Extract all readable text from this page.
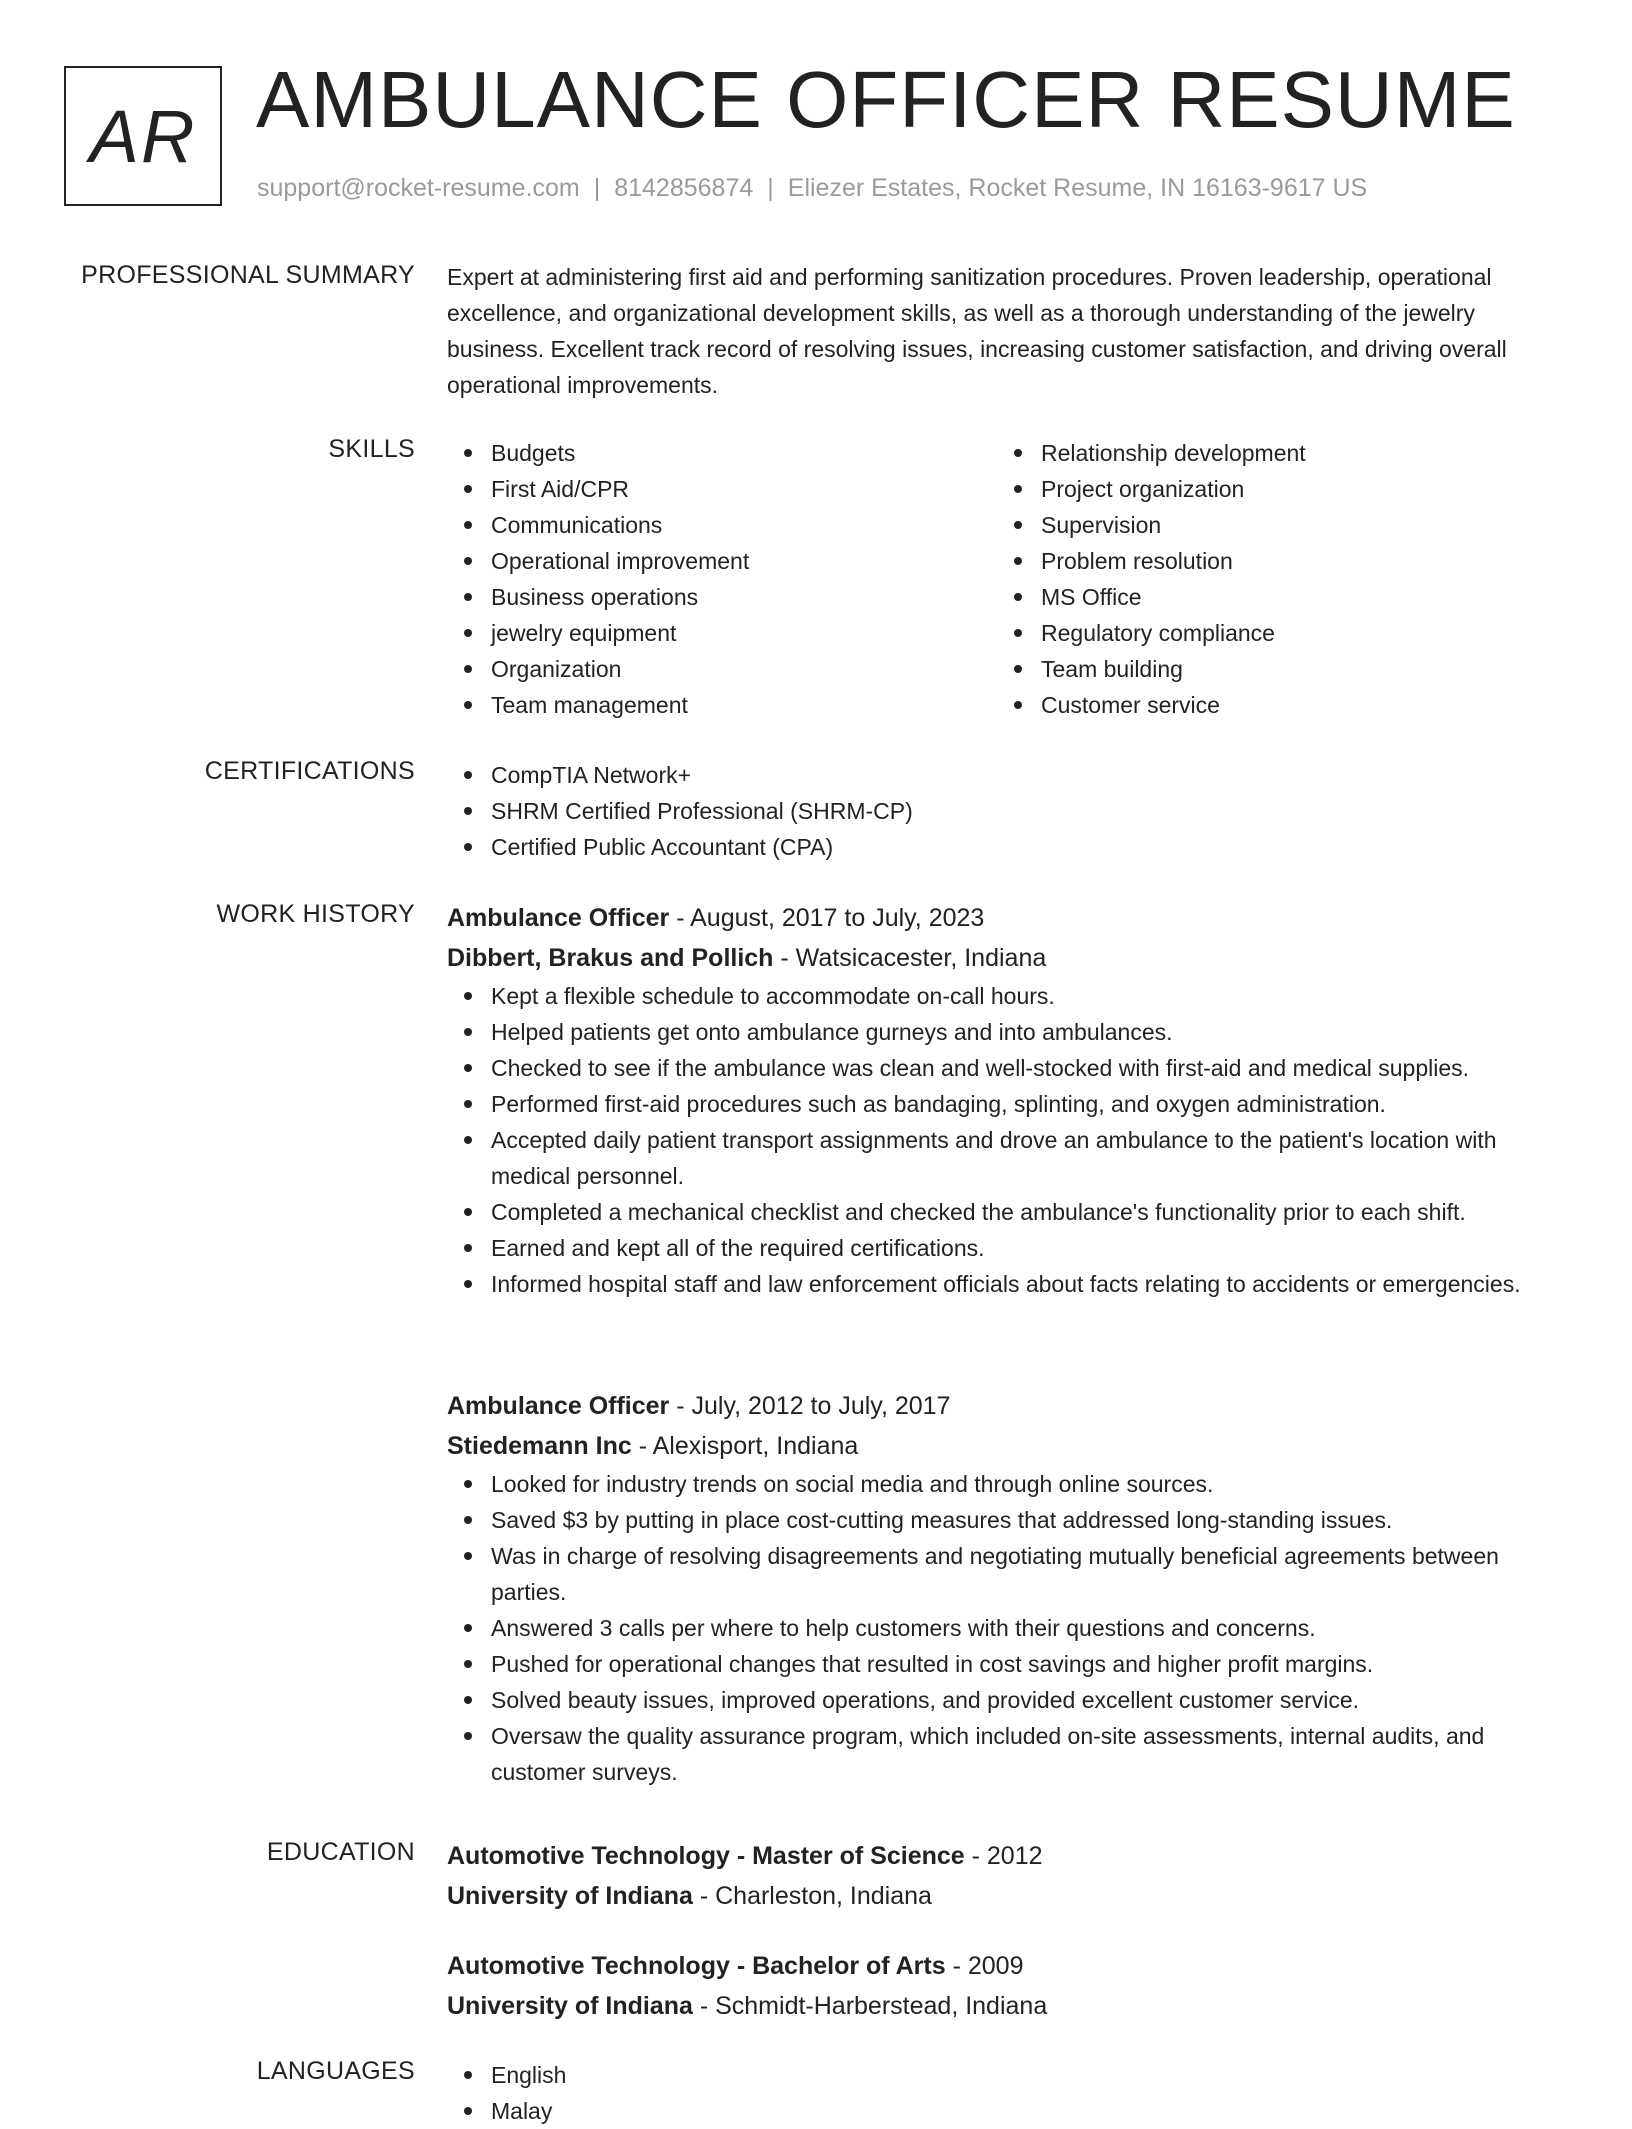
AR AMBULANCE OFFICER RESUME
support@rocket-resume.com | 8142856874 | Eliezer Estates, Rocket Resume, IN 16163-9617 US
PROFESSIONAL SUMMARY Expert at administering first aid and performing sanitization procedures. Proven leadership, operational excellence, and organizational development skills, as well as a thorough understanding of the jewelry business. Excellent track record of resolving issues, increasing customer satisfaction, and driving overall operational improvements.

SKILLS	Budgets
First Aid/CPR
Communications
Operational improvement
Business operations
jewelry equipment
Organization
Team management
Relationship development
Project organization
Supervision
Problem resolution
MS Office
Regulatory compliance
Team building
Customer service
CERTIFICATIONS	CompTIA Network+
SHRM Certified Professional (SHRM-CP)
Certified Public Accountant (CPA)
WORK HISTORY Ambulance Officer - August, 2017 to July, 2023
Dibbert, Brakus and Pollich - Watsicacester, Indiana
Kept a flexible schedule to accommodate on-call hours.
Helped patients get onto ambulance gurneys and into ambulances.
Checked to see if the ambulance was clean and well-stocked with first-aid and medical supplies.
Performed first-aid procedures such as bandaging, splinting, and oxygen administration.
Accepted daily patient transport assignments and drove an ambulance to the patient's location with medical personnel.
Completed a mechanical checklist and checked the ambulance's functionality prior to each shift.
Earned and kept all of the required certifications.
Informed hospital staff and law enforcement officials about facts relating to accidents or emergencies.
Ambulance Officer - July, 2012 to July, 2017
Stiedemann Inc - Alexisport, Indiana
Looked for industry trends on social media and through online sources.
Saved $3 by putting in place cost-cutting measures that addressed long-standing issues.
Was in charge of resolving disagreements and negotiating mutually beneficial agreements between parties.
Answered 3 calls per where to help customers with their questions and concerns.
Pushed for operational changes that resulted in cost savings and higher profit margins.
Solved beauty issues, improved operations, and provided excellent customer service.
Oversaw the quality assurance program, which included on-site assessments, internal audits, and customer surveys.
EDUCATION Automotive Technology - Master of Science - 2012
University of Indiana - Charleston, Indiana
Automotive Technology - Bachelor of Arts - 2009
University of Indiana - Schmidt-Harberstead, Indiana
LANGUAGES	English
Malay
